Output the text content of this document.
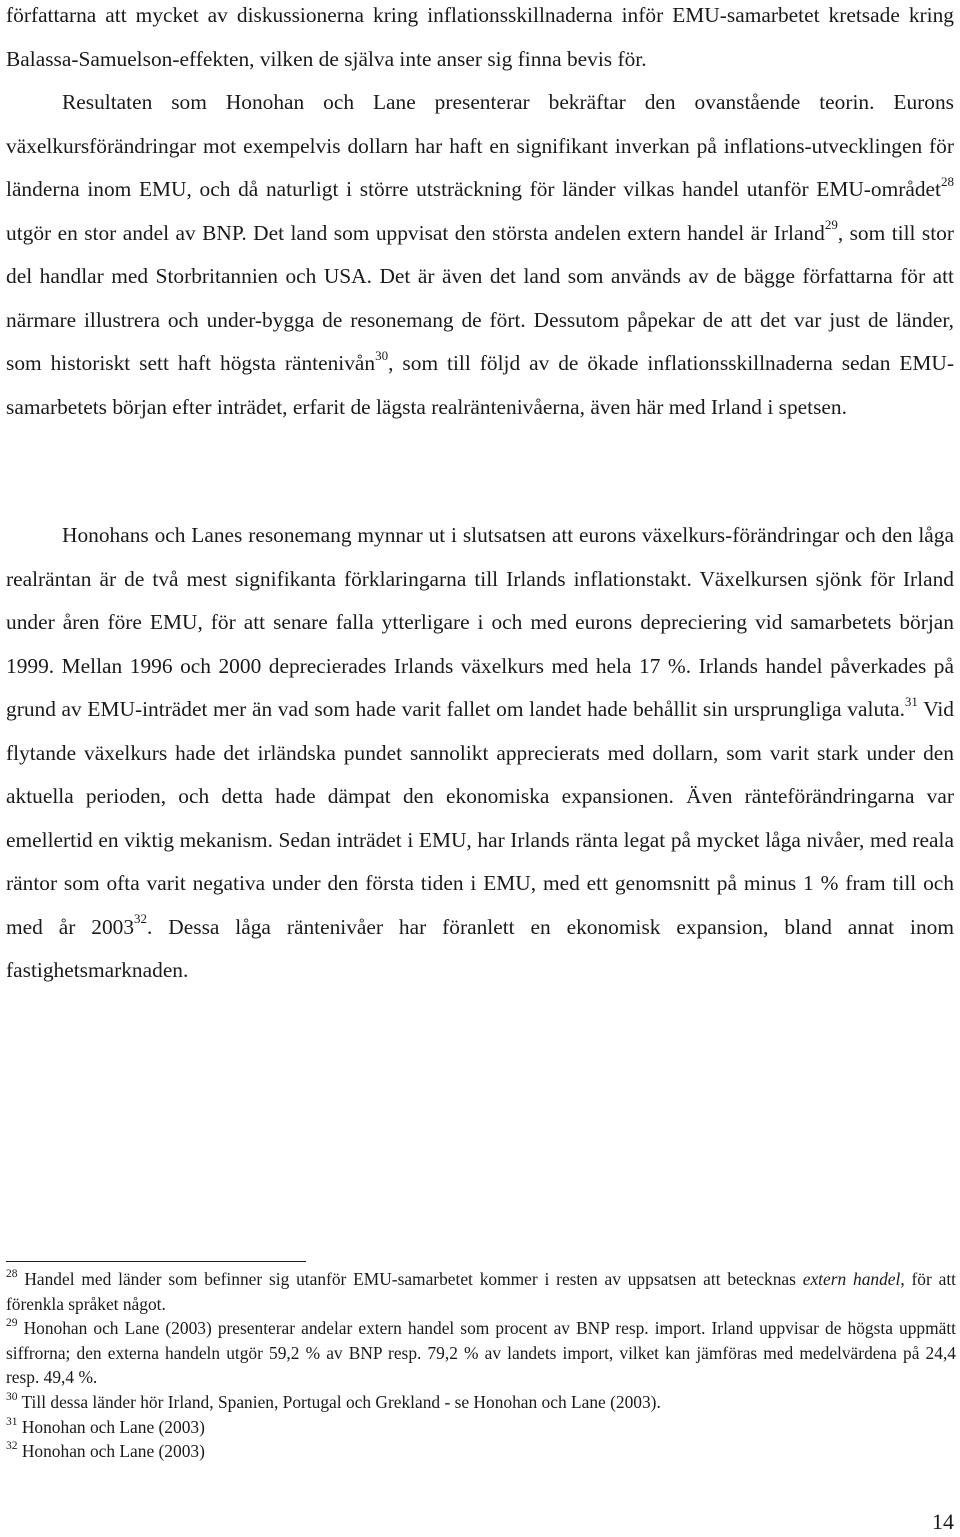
författarna att mycket av diskussionerna kring inflationsskillnaderna inför EMU-samarbetet kretsade kring Balassa-Samuelson-effekten, vilken de själva inte anser sig finna bevis för.
Resultaten som Honohan och Lane presenterar bekräftar den ovanstående teorin. Eurons växelkursförändringar mot exempelvis dollarn har haft en signifikant inverkan på inflations-utvecklingen för länderna inom EMU, och då naturligt i större utsträckning för länder vilkas handel utanför EMU-området$^{28}$ utgör en stor andel av BNP. Det land som uppvisat den största andelen extern handel är Irland$^{29}$, som till stor del handlar med Storbritannien och USA. Det är även det land som används av de bägge författarna för att närmare illustrera och under-bygga de resonemang de fört. Dessutom påpekar de att det var just de länder, som historiskt sett haft högsta räntenivån$^{30}$, som till följd av de ökade inflationsskillnaderna sedan EMU-samarbetets början efter inträdet, erfarit de lägsta realräntenivåerna, även här med Irland i spetsen.

Honohans och Lanes resonemang mynnar ut i slutsatsen att eurons växelkurs-förändringar och den låga realräntan är de två mest signifikanta förklaringarna till Irlands inflationstakt. Växelkursen sjönk för Irland under åren före EMU, för att senare falla ytterligare i och med eurons depreciering vid samarbetets början 1999. Mellan 1996 och 2000 deprecierades Irlands växelkurs med hela 17 %. Irlands handel påverkades på grund av EMU-inträdet mer än vad som hade varit fallet om landet hade behållit sin ursprungliga valuta.$^{31}$ Vid flytande växelkurs hade det irländska pundet sannolikt apprecierats med dollarn, som varit stark under den aktuella perioden, och detta hade dämpat den ekonomiska expansionen. Även ränteförändringarna var emellertid en viktig mekanism. Sedan inträdet i EMU, har Irlands ränta legat på mycket låga nivåer, med reala räntor som ofta varit negativa under den första tiden i EMU, med ett genomsnitt på minus 1 % fram till och med år 2003$^{32}$. Dessa låga räntenivåer har föranlett en ekonomisk expansion, bland annat inom fastighetsmarknaden.

$^{28}$ Handel med länder som befinner sig utanför EMU-samarbetet kommer i resten av uppsatsen att betecknas extern handel, för att förenkla språket något.

$^{29}$ Honohan och Lane (2003) presenterar andelar extern handel som procent av BNP resp. import. Irland uppvisar de högsta uppmätt siffrorna; den externa handeln utgör 59,2 % av BNP resp. 79,2 % av landets import, vilket kan jämföras med medelvärdena på 24,4 resp. 49,4 %.

$^{30}$ Till dessa länder hör Irland, Spanien, Portugal och Grekland - se Honohan och Lane (2003).

$^{31}$ Honohan och Lane (2003)

$^{32}$ Honohan och Lane (2003)

14
